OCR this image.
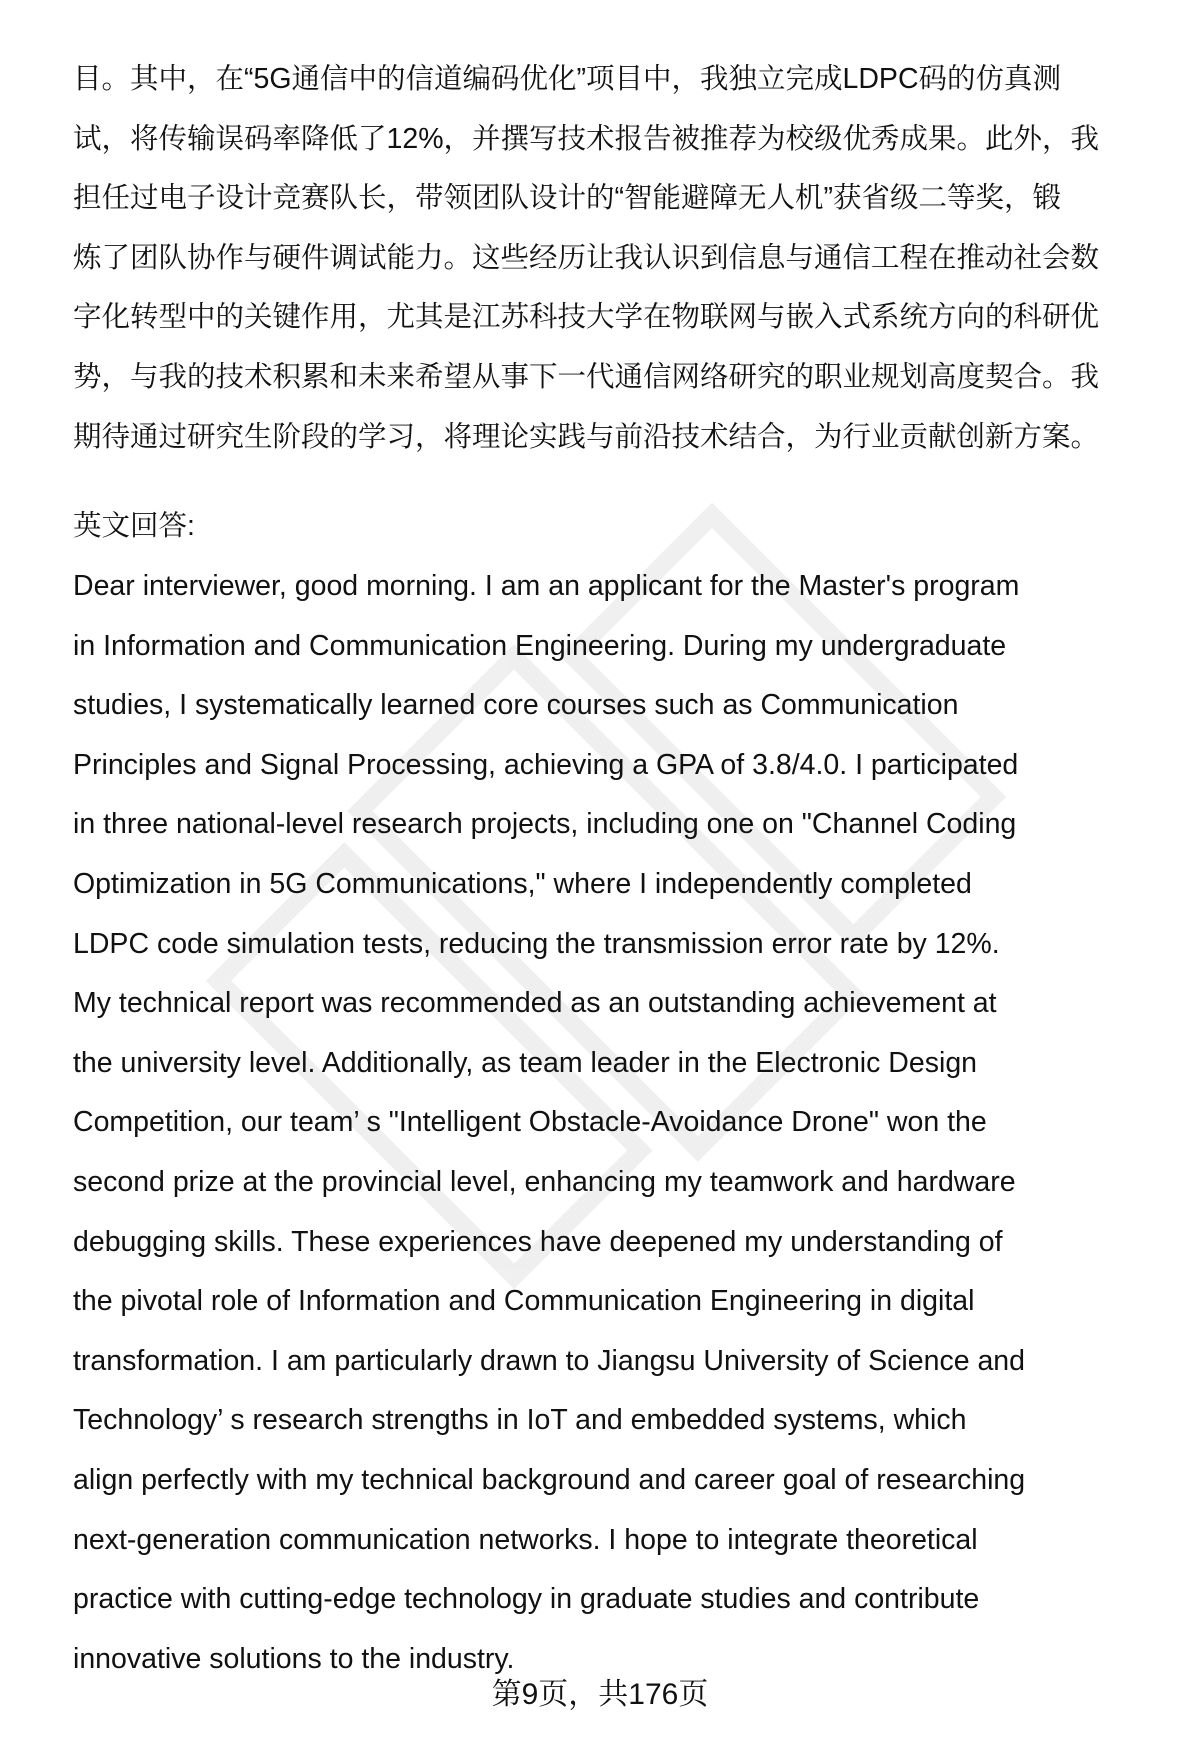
目。其中，在“5G通信中的信道编码优化”项目中，我独立完成LDPC码的仿真测
试，将传输误码率降低了12%，并撰写技术报告被推荐为校级优秀成果。此外，我
担任过电子设计竞赛队长，带领团队设计的“智能避障无人机”获省级二等奖，锻
炼了团队协作与硬件调试能力。这些经历让我认识到信息与通信工程在推动社会数
字化转型中的关键作用，尤其是江苏科技大学在物联网与嵌入式系统方向的科研优
势，与我的技术积累和未来希望从事下一代通信网络研究的职业规划高度契合。我
期待通过研究生阶段的学习，将理论实践与前沿技术结合，为行业贡献创新方案。
英文回答:
Dear interviewer, good morning. I am an applicant for the Master's program
in Information and Communication Engineering. During my undergraduate
studies, I systematically learned core courses such as Communication
Principles and Signal Processing, achieving a GPA of 3.8/4.0. I participated
in three national-level research projects, including one on "Channel Coding
Optimization in 5G Communications," where I independently completed
LDPC code simulation tests, reducing the transmission error rate by 12%.
My technical report was recommended as an outstanding achievement at
the university level. Additionally, as team leader in the Electronic Design
Competition, our team’ s "Intelligent Obstacle-Avoidance Drone" won the
second prize at the provincial level, enhancing my teamwork and hardware
debugging skills. These experiences have deepened my understanding of
the pivotal role of Information and Communication Engineering in digital
transformation. I am particularly drawn to Jiangsu University of Science and
Technology’ s research strengths in IoT and embedded systems, which
align perfectly with my technical background and career goal of researching
next-generation communication networks. I hope to integrate theoretical
practice with cutting-edge technology in graduate studies and contribute
innovative solutions to the industry.
第9页，共176页
